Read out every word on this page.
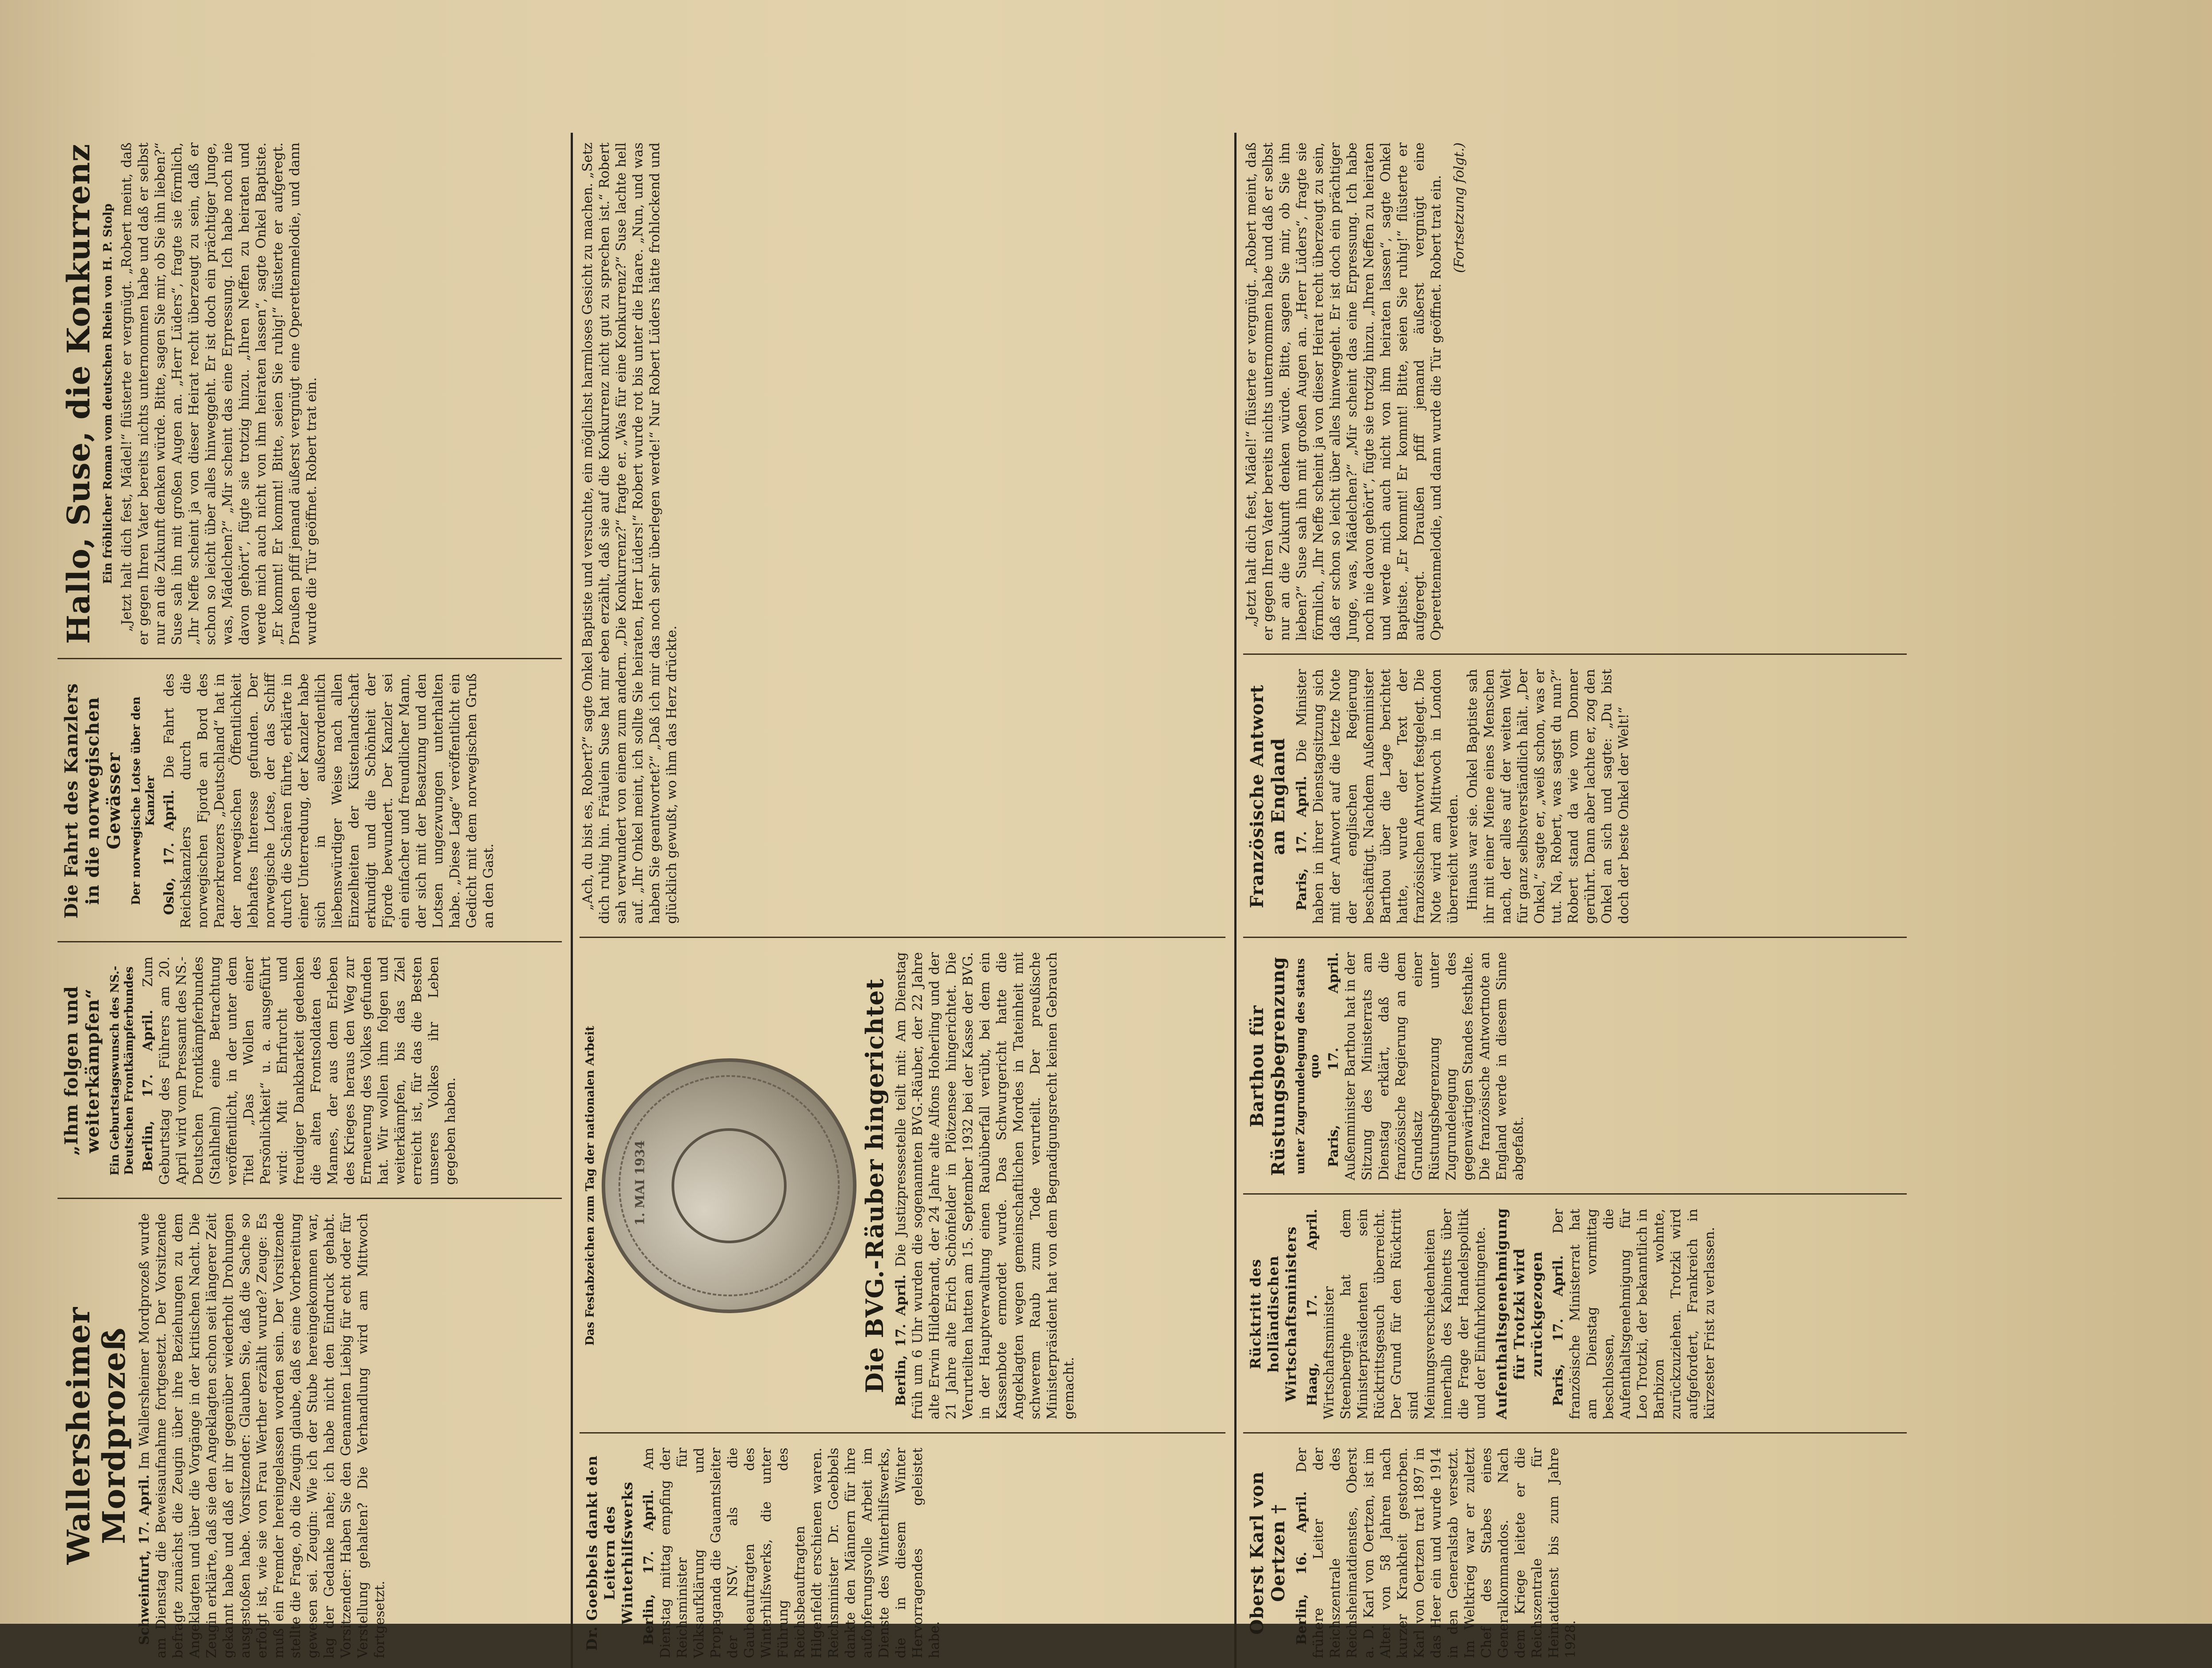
Wallersheimer Mordprozeß

Schweinfurt, 17. April. Im Wallersheimer Mordprozeß wurde am Dienstag die Beweisaufnahme fortgesetzt. Der Vorsitzende befragte zunächst die Zeugin über ihre Beziehungen zu dem Angeklagten und über die Vorgänge in der kritischen Nacht. Die Zeugin erklärte, daß sie den Angeklagten schon seit längerer Zeit gekannt habe und daß er ihr gegenüber wiederholt Drohungen ausgestoßen habe. Vorsitzender: Glauben Sie, daß die Sache so erfolgt ist, wie sie von Frau Werther erzählt wurde? Zeuge: Es muß ein Fremder hereingelassen worden sein. Der Vorsitzende stellte die Frage, ob die Zeugin glaube, daß es eine Vorbereitung gewesen sei. Zeugin: Wie ich der Stube hereingekommen war, lag der Gedanke nahe; ich habe nicht den Eindruck gehabt. Vorsitzender: Haben Sie den Genannten Liebig für echt oder für Verstellung gehalten? Die Verhandlung wird am Mittwoch fortgesetzt.

„Ihm folgen und weiterkämpfen“ Ein Geburtstagswunsch des NS.-Deutschen Frontkämpferbundes Berlin, 17. April. Zum Geburtstag des Führers am 20. April wird vom Pressamt des NS.-Deutschen Frontkämpferbundes (Stahlhelm) eine Betrachtung veröffentlicht, in der unter dem Titel „Das Wollen einer Persönlichkeit“ u. a. ausgeführt wird: Mit Ehrfurcht und freudiger Dankbarkeit gedenken die alten Frontsoldaten des Mannes, der aus dem Erleben des Krieges heraus den Weg zur Erneuerung des Volkes gefunden hat. Wir wollen ihm folgen und weiterkämpfen, bis das Ziel erreicht ist, für das die Besten unseres Volkes ihr Leben gegeben haben.

Die Fahrt des Kanzlers in die norwegischen Gewässer Der norwegische Lotse über den Kanzler Oslo, 17. April. Die Fahrt des Reichskanzlers durch die norwegischen Fjorde an Bord des Panzerkreuzers „Deutschland“ hat in der norwegischen Öffentlichkeit lebhaftes Interesse gefunden. Der norwegische Lotse, der das Schiff durch die Schären führte, erklärte in einer Unterredung, der Kanzler habe sich in außerordentlich liebenswürdiger Weise nach allen Einzelheiten der Küstenlandschaft erkundigt und die Schönheit der Fjorde bewundert. Der Kanzler sei ein einfacher und freundlicher Mann, der sich mit der Besatzung und den Lotsen ungezwungen unterhalten habe. „Diese Lage“ veröffentlicht ein Gedicht mit dem norwegischen Gruß an den Gast.

Hallo, Suse, die Konkurrenz Ein fröhlicher Roman vom deutschen Rhein von H. P. Stolp „Jetzt halt dich fest, Mädel!“ flüsterte er vergnügt. „Robert meint, daß er gegen Ihren Vater bereits nichts unternommen habe und daß er selbst nur an die Zukunft denken würde. Bitte, sagen Sie mir, ob Sie ihn lieben?“ Suse sah ihn mit großen Augen an. „Herr Lüders“, fragte sie förmlich, „Ihr Neffe scheint ja von dieser Heirat recht überzeugt zu sein, daß er schon so leicht über alles hinweggeht. Er ist doch ein prächtiger Junge, was, Mädelchen?“ „Mir scheint das eine Erpressung. Ich habe noch nie davon gehört“, fügte sie trotzig hinzu. „Ihren Neffen zu heiraten und werde mich auch nicht von ihm heiraten lassen“, sagte Onkel Baptiste. „Er kommt! Er kommt! Bitte, seien Sie ruhig!“ flüsterte er aufgeregt. Draußen pfiff jemand äußerst vergnügt eine Operettenmelodie, und dann wurde die Tür geöffnet. Robert trat ein.

Dr. Goebbels dankt den Leitern des Winterhilfswerks Berlin, 17. April. Am Dienstag mittag empfing der Reichsminister für Volksaufklärung und Propaganda die Gauamtsleiter der NSV. als die Gaubeauftragten des Winterhilfswerks, die unter Führung des Reichsbeauftragten Hilgenfeldt erschienen waren. Reichsminister Dr. Goebbels dankte den Männern für ihre aufopferungsvolle Arbeit im Dienste des Winterhilfswerks, die in diesem Winter Hervorragendes geleistet habe.

Das Festabzeichen zum Tag der nationalen Arbeit	1. MAI 1934	Die BVG.-Räuber hingerichtet Berlin, 17. April. Die Justizpressestelle teilt mit: Am Dienstag früh um 6 Uhr wurden die sogenannten BVG.-Räuber, der 22 Jahre alte Erwin Hildebrandt, der 24 Jahre alte Alfons Hoherling und der 21 Jahre alte Erich Schönfelder in Plötzensee hingerichtet. Die Verurteilten hatten am 15. September 1932 bei der Kasse der BVG. in der Hauptverwaltung einen Raubüberfall verübt, bei dem ein Kassenbote ermordet wurde. Das Schwurgericht hatte die Angeklagten wegen gemeinschaftlichen Mordes in Tateinheit mit schwerem Raub zum Tode verurteilt. Der preußische Ministerpräsident hat von dem Begnadigungsrecht keinen Gebrauch gemacht.

„Ach, du bist es, Robert?“ sagte Onkel Baptiste und versuchte, ein möglichst harmloses Gesicht zu machen. „Setz dich ruhig hin. Fräulein Suse hat mir eben erzählt, daß sie auf die Konkurrenz nicht gut zu sprechen ist.“ Robert sah verwundert von einem zum andern. „Die Konkurrenz?“ fragte er. „Was für eine Konkurrenz?“ Suse lachte hell auf. „Ihr Onkel meint, ich sollte Sie heiraten, Herr Lüders!“ Robert wurde rot bis unter die Haare. „Nun, und was haben Sie geantwortet?“ „Daß ich mir das noch sehr überlegen werde!“ Nur Robert Lüders hätte frohlockend und glücklich gewußt, wo ihm das Herz drückte.

Oberst Karl von Oertzen † Berlin, 16. April. Der frühere Leiter der Reichszentrale des Reichsheimatdienstes, Oberst a. D. Karl von Oertzen, ist im Alter von 58 Jahren nach kurzer Krankheit gestorben. Karl von Oertzen trat 1897 in das Heer ein und wurde 1914 in den Generalstab versetzt. Im Weltkrieg war er zuletzt Chef des Stabes eines Generalkommandos. Nach dem Kriege leitete er die Reichszentrale für Heimatdienst bis zum Jahre 1928.

Rücktritt des holländischen Wirtschaftsministers Haag, 17. April. Wirtschaftsminister Steenberghe hat dem Ministerpräsidenten sein Rücktrittsgesuch überreicht. Der Grund für den Rücktritt sind Meinungsverschiedenheiten innerhalb des Kabinetts über die Frage der Handelspolitik und der Einfuhrkontingente. Aufenthaltsgenehmigung für Trotzki wird zurückgezogen Paris, 17. April. Der französische Ministerrat hat am Dienstag vormittag beschlossen, die Aufenthaltsgenehmigung für Leo Trotzki, der bekanntlich in Barbizon wohnte, zurückzuziehen. Trotzki wird aufgefordert, Frankreich in kürzester Frist zu verlassen.

Barthou für Rüstungsbegrenzung unter Zugrundelegung des status quo Paris, 17. April. Außenminister Barthou hat in der Sitzung des Ministerrats am Dienstag erklärt, daß die französische Regierung an dem Grundsatz einer Rüstungsbegrenzung unter Zugrundelegung des gegenwärtigen Standes festhalte. Die französische Antwortnote an England werde in diesem Sinne abgefaßt.

Französische Antwort an England Paris, 17. April. Die Minister haben in ihrer Dienstagsitzung sich mit der Antwort auf die letzte Note der englischen Regierung beschäftigt. Nachdem Außenminister Barthou über die Lage berichtet hatte, wurde der Text der französischen Antwort festgelegt. Die Note wird am Mittwoch in London überreicht werden. Hinaus war sie. Onkel Baptiste sah ihr mit einer Miene eines Menschen nach, der alles auf der weiten Welt für ganz selbstverständlich hält. „Der Onkel,“ sagte er, „weiß schon, was er tut. Na, Robert, was sagst du nun?“ Robert stand da wie vom Donner gerührt. Dann aber lachte er, zog den Onkel an sich und sagte: „Du bist doch der beste Onkel der Welt!“

„Jetzt halt dich fest, Mädel!“ flüsterte er vergnügt. „Robert meint, daß er gegen Ihren Vater bereits nichts unternommen habe und daß er selbst nur an die Zukunft denken würde. Bitte, sagen Sie mir, ob Sie ihn lieben?“ Suse sah ihn mit großen Augen an. „Herr Lüders“, fragte sie förmlich, „Ihr Neffe scheint ja von dieser Heirat recht überzeugt zu sein, daß er schon so leicht über alles hinweggeht. Er ist doch ein prächtiger Junge, was, Mädelchen?“ „Mir scheint das eine Erpressung. Ich habe noch nie davon gehört“, fügte sie trotzig hinzu. „Ihren Neffen zu heiraten und werde mich auch nicht von ihm heiraten lassen“, sagte Onkel Baptiste. „Er kommt! Er kommt! Bitte, seien Sie ruhig!“ flüsterte er aufgeregt. Draußen pfiff jemand äußerst vergnügt eine Operettenmelodie, und dann wurde die Tür geöffnet. Robert trat ein. (Fortsetzung folgt.)
